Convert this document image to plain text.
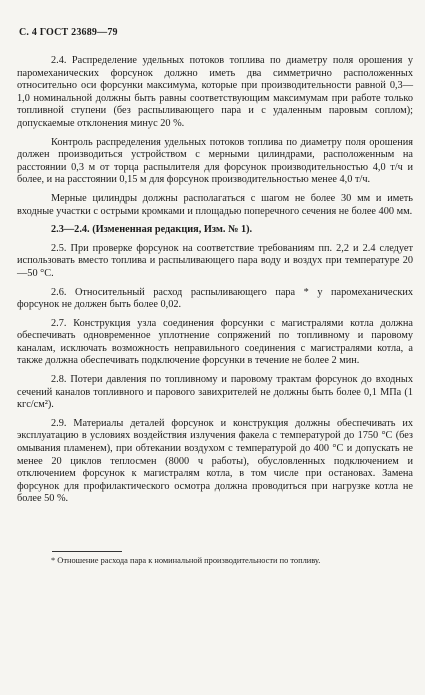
С. 4 ГОСТ 23689—79

2.4. Распределение удельных потоков топлива по диаметру поля орошения у паромеханических форсунок должно иметь два симметрично расположенных относительно оси форсунки максимума, которые при производительности равной 0,3—1,0 номинальной должны быть равны соответствующим максимумам при работе только топливной ступени (без распыливающего пара и с удаленным паровым соплом); допускаемые отклонения минус 20 %.

Контроль распределения удельных потоков топлива по диаметру поля орошения должен производиться устройством с мерными цилиндрами, расположенным на расстоянии 0,3 м от торца распылителя для форсунок производительностью 4,0 т/ч и более, и на расстоянии 0,15 м для форсунок производительностью менее 4,0 т/ч.

Мерные цилиндры должны располагаться с шагом не более 30 мм и иметь входные участки с острыми кромками и площадью поперечного сечения не более 400 мм.

2.3—2.4. (Измененная редакция, Изм. № 1).

2.5. При проверке форсунок на соответствие требованиям пп. 2,2 и 2.4 следует использовать вместо топлива и распыливающего пара воду и воздух при температуре 20—50 °С.

2.6. Относительный расход распыливающего пара * у паромеханических форсунок не должен быть более 0,02.

2.7. Конструкция узла соединения форсунки с магистралями котла должна обеспечивать одновременное уплотнение сопряжений по топливному и паровому каналам, исключать возможность неправильного соединения с магистралями котла, а также должна обеспечивать подключение форсунки в течение не более 2 мин.

2.8. Потери давления по топливному и паровому трактам форсунок до входных сечений каналов топливного и парового завихрителей не должны быть более 0,1 МПа (1 кгс/см²).

2.9. Материалы деталей форсунок и конструкция должны обеспечивать их эксплуатацию в условиях воздействия излучения факела с температурой до 1750 °С (без омывания пламенем), при обтекании воздухом с температурой до 400 °С и допускать не менее 20 циклов теплосмен (8000 ч работы), обусловленных подключением и отключением форсунок к магистралям котла, в том числе при остановах. Замена форсунок для профилактического осмотра должна проводиться при нагрузке котла не более 50 %.

* Отношение расхода пара к номинальной производительности по топливу.
